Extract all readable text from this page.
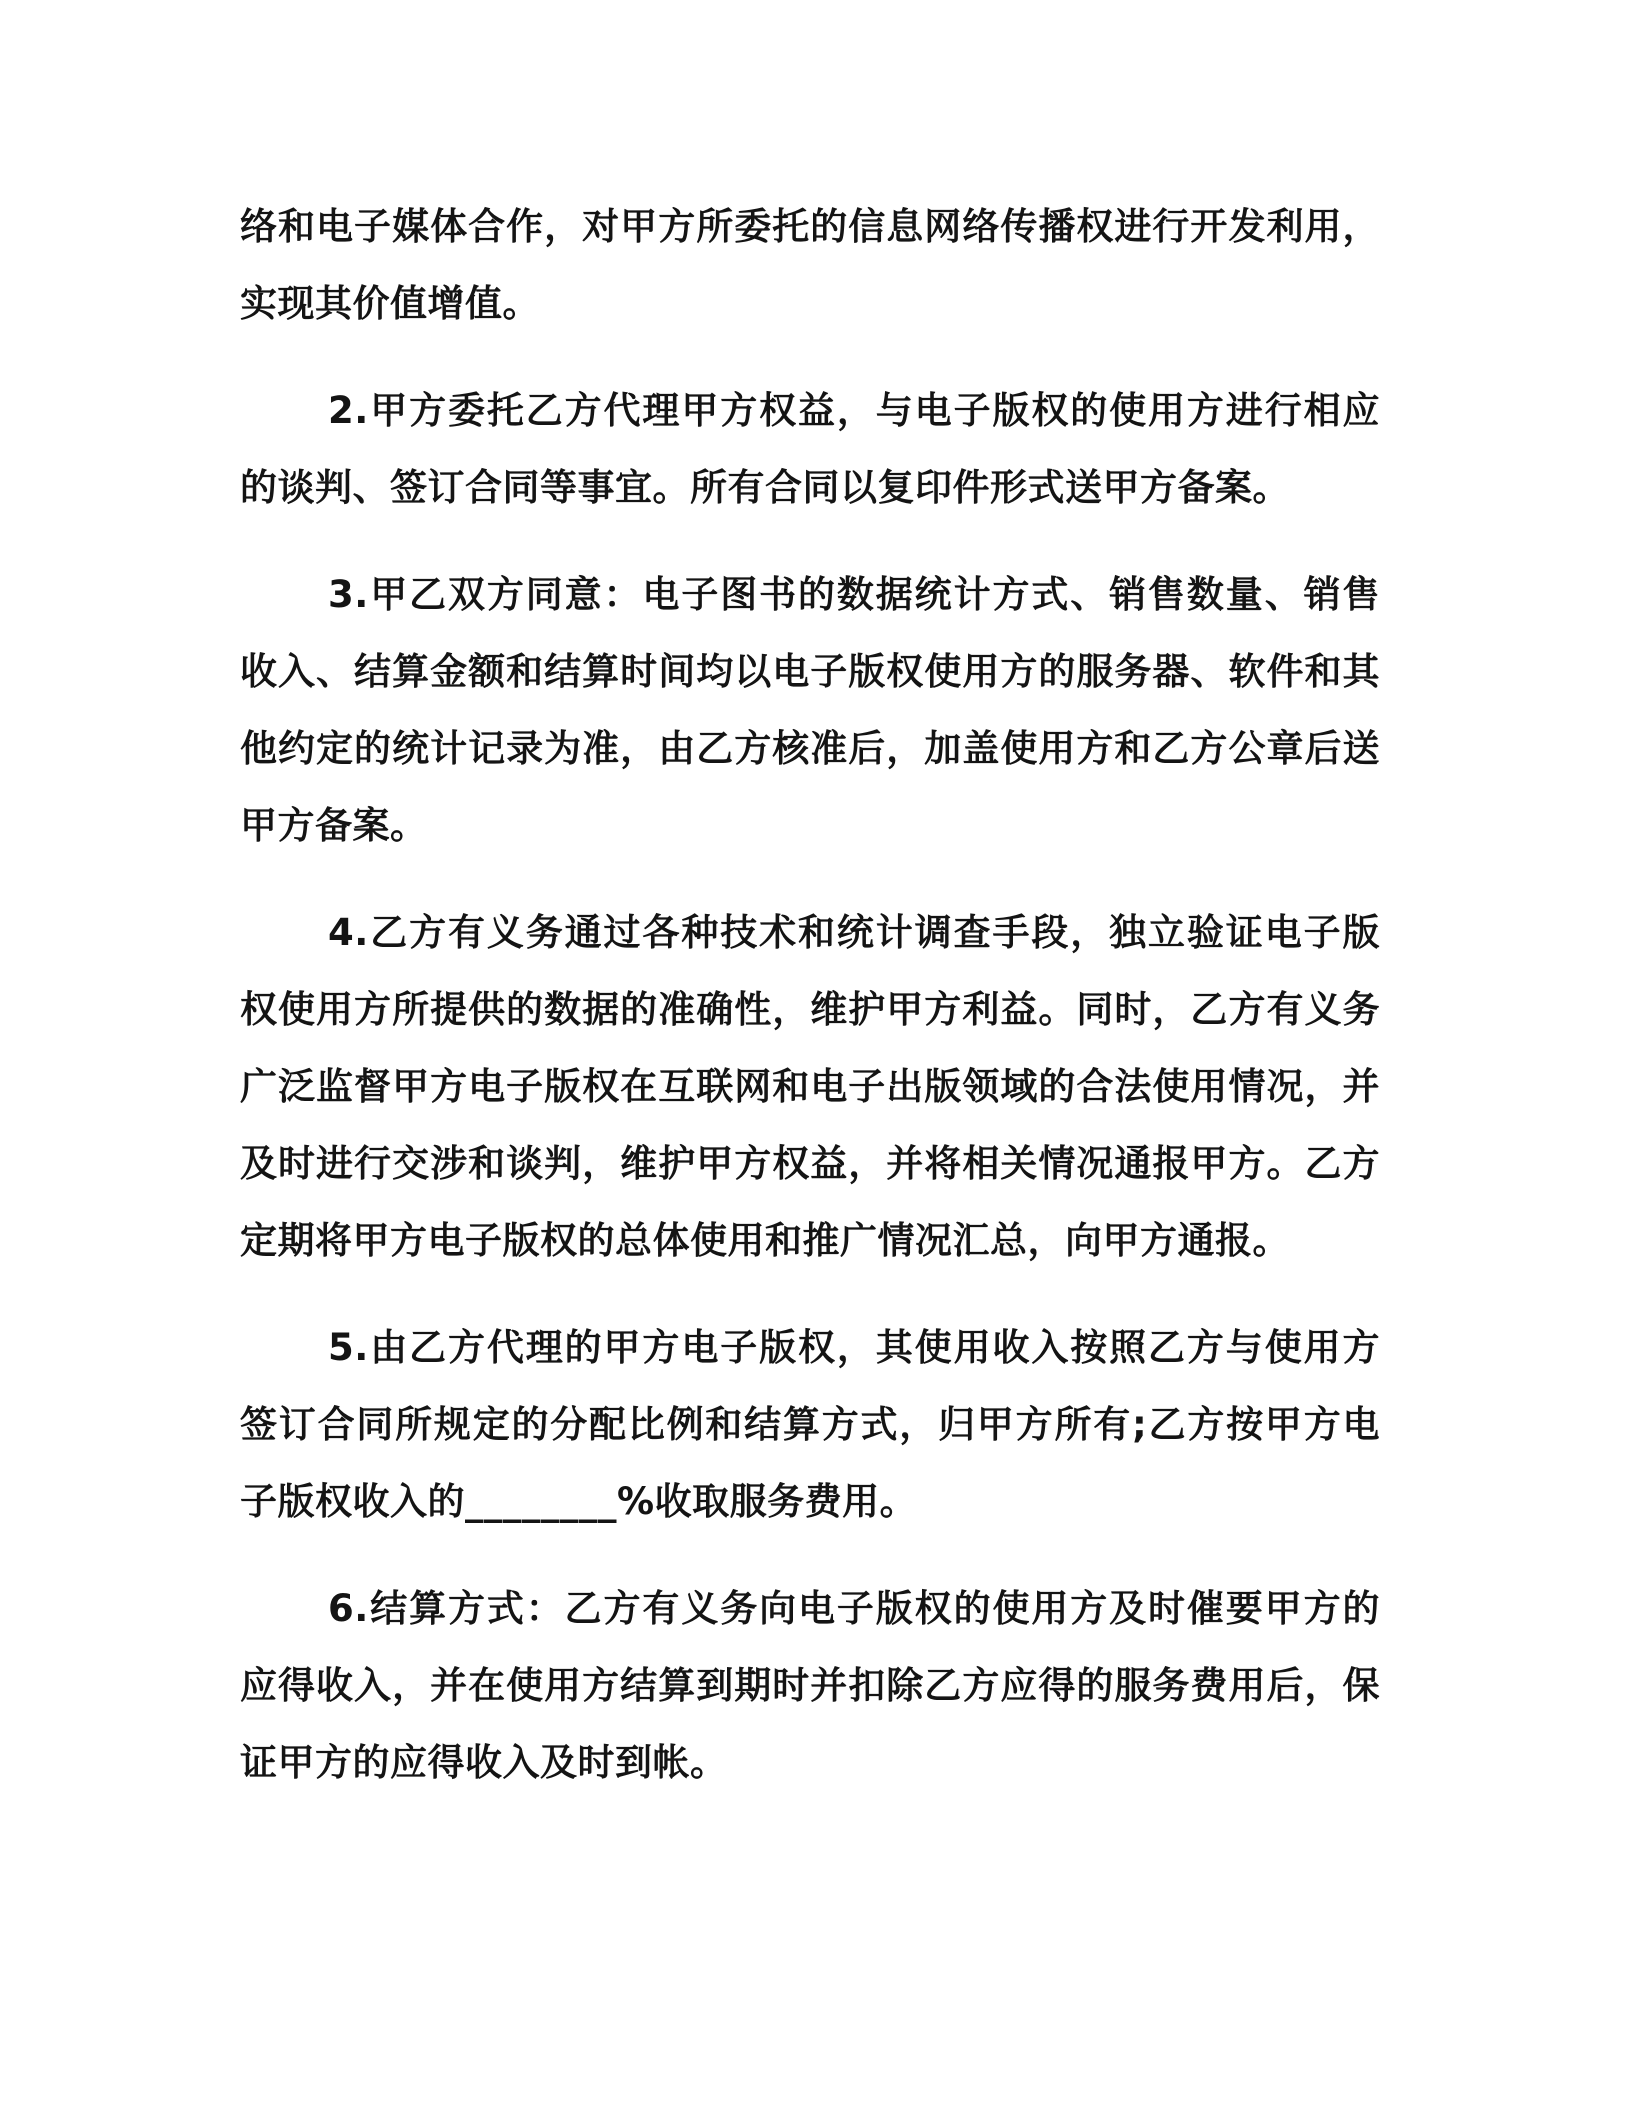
络和电子媒体合作，对甲方所委托的信息网络传播权进行开发利用，实现其价值增值。

2.甲方委托乙方代理甲方权益，与电子版权的使用方进行相应的谈判、签订合同等事宜。所有合同以复印件形式送甲方备案。

3.甲乙双方同意：电子图书的数据统计方式、销售数量、销售收入、结算金额和结算时间均以电子版权使用方的服务器、软件和其他约定的统计记录为准，由乙方核准后，加盖使用方和乙方公章后送甲方备案。

4.乙方有义务通过各种技术和统计调查手段，独立验证电子版权使用方所提供的数据的准确性，维护甲方利益。同时，乙方有义务广泛监督甲方电子版权在互联网和电子出版领域的合法使用情况，并及时进行交涉和谈判，维护甲方权益，并将相关情况通报甲方。乙方定期将甲方电子版权的总体使用和推广情况汇总，向甲方通报。

5.由乙方代理的甲方电子版权，其使用收入按照乙方与使用方签订合同所规定的分配比例和结算方式，归甲方所有;乙方按甲方电子版权收入的________%收取服务费用。

6.结算方式：乙方有义务向电子版权的使用方及时催要甲方的应得收入，并在使用方结算到期时并扣除乙方应得的服务费用后，保证甲方的应得收入及时到帐。
